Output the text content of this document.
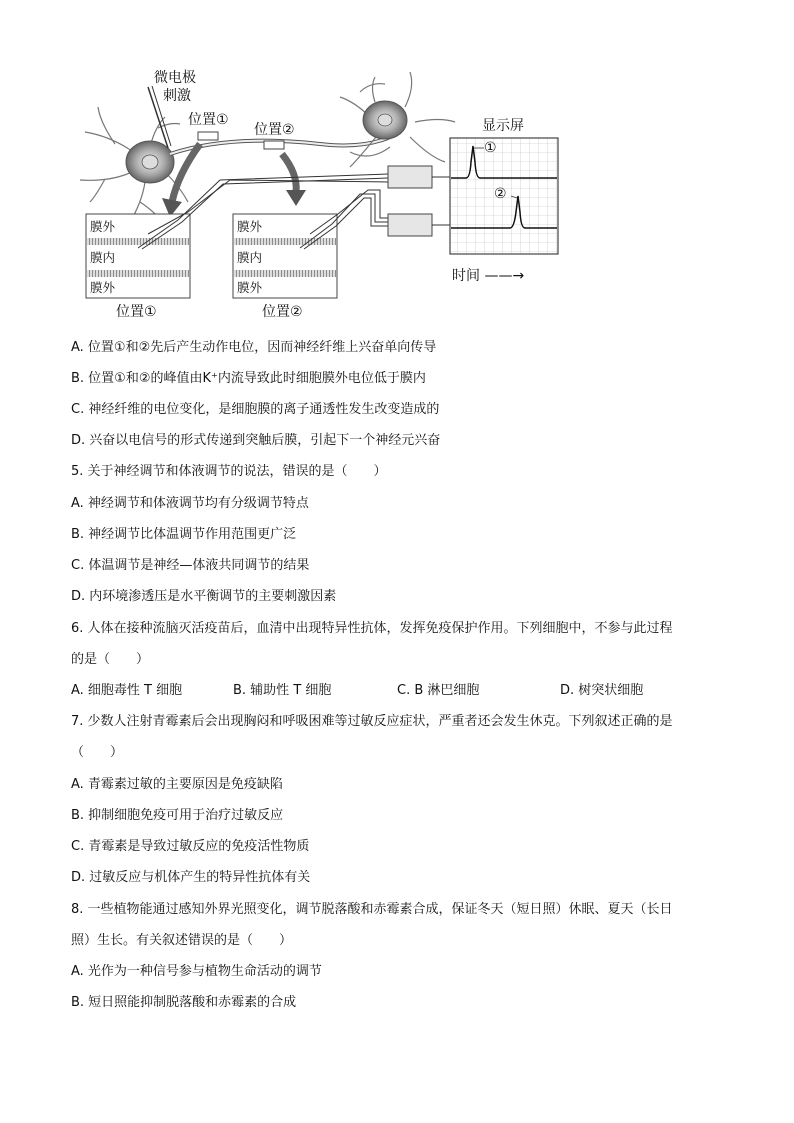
微电极
刺激
位置①
位置②	显示屏
①
②
时间 ——→
膜外
膜内
膜外
膜外
膜内
膜外
位置①	位置②
A. 位置①和②先后产生动作电位，因而神经纤维上兴奋单向传导
B. 位置①和②的峰值由K⁺内流导致此时细胞膜外电位低于膜内
C. 神经纤维的电位变化，是细胞膜的离子通透性发生改变造成的
D. 兴奋以电信号的形式传递到突触后膜，引起下一个神经元兴奋
5. 关于神经调节和体液调节的说法，错误的是（　　）
A. 神经调节和体液调节均有分级调节特点
B. 神经调节比体温调节作用范围更广泛
C. 体温调节是神经—体液共同调节的结果
D. 内环境渗透压是水平衡调节的主要刺激因素
6. 人体在接种流脑灭活疫苗后，血清中出现特异性抗体，发挥免疫保护作用。下列细胞中，不参与此过程
的是（　　）
A. 细胞毒性 T 细胞	B. 辅助性 T 细胞	C. B 淋巴细胞	D. 树突状细胞
7. 少数人注射青霉素后会出现胸闷和呼吸困难等过敏反应症状，严重者还会发生休克。下列叙述正确的是
（　　）
A. 青霉素过敏的主要原因是免疫缺陷
B. 抑制细胞免疫可用于治疗过敏反应
C. 青霉素是导致过敏反应的免疫活性物质
D. 过敏反应与机体产生的特异性抗体有关
8. 一些植物能通过感知外界光照变化，调节脱落酸和赤霉素合成，保证冬天（短日照）休眠、夏天（长日
照）生长。有关叙述错误的是（　　）
A. 光作为一种信号参与植物生命活动的调节
B. 短日照能抑制脱落酸和赤霉素的合成
